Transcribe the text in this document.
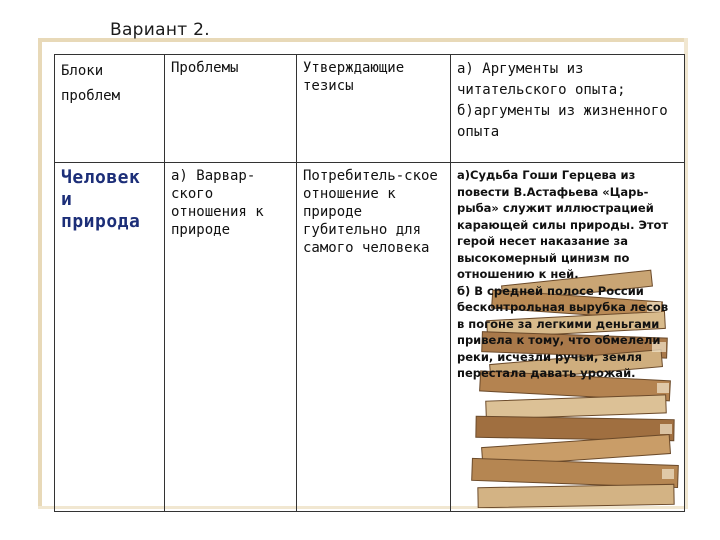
Вариант 2.
Блоки проблем	Проблемы	Утверждающие тезисы	а) Аргументы из читательского опыта; б)аргументы из жизненного опыта
Человек и природа	а) Варвар-ского отношения к природе	Потребитель-ское отношение к природе губительно для самого человека	а)Судьба Гоши Герцева из повести В.Астафьева «Царь-рыба» служит иллюстрацией карающей силы природы. Этот герой несет наказание за высокомерный цинизм по отношению к ней.
б) В средней полосе России бесконтрольная вырубка лесов в погоне за легкими деньгами привела к тому, что обмелели реки, исчезли ручьи, земля перестала давать урожай.
